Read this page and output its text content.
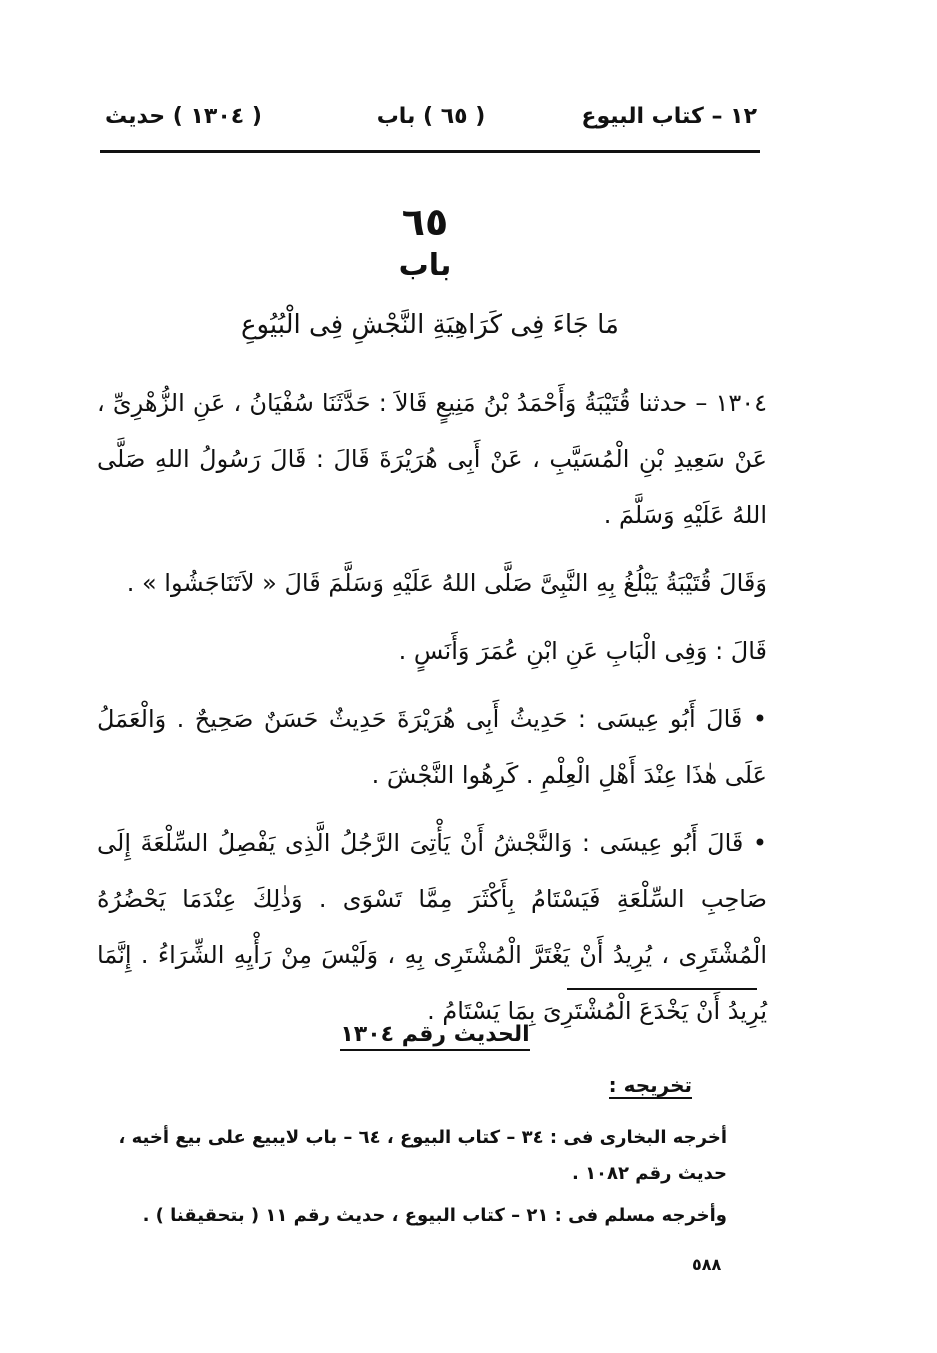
١٢ – كتاب البيوع
( ٦٥ ) باب
( ١٣٠٤ ) حديث
٦٥
باب
مَا جَاءَ فِى كَرَاهِيَةِ النَّجْشِ فِى الْبُيُوعِ

١٣٠٤ – حدثنا قُتَيْبَةُ وَأَحْمَدُ بْنُ مَنِيعٍ قَالاَ : حَدَّثَنَا سُفْيَانُ ، عَنِ الزُّهْرِىِّ ، عَنْ سَعِيدِ بْنِ الْمُسَيَّبِ ، عَنْ أَبِى هُرَيْرَةَ قَالَ : قَالَ رَسُولُ اللهِ صَلَّى اللهُ عَلَيْهِ وَسَلَّمَ .

وَقَالَ قُتَيْبَةُ يَبْلُغُ بِهِ النَّبِىَّ صَلَّى اللهُ عَلَيْهِ وَسَلَّمَ قَالَ « لاَتَنَاجَشُوا » .

قَالَ : وَفِى الْبَابِ عَنِ ابْنِ عُمَرَ وَأَنَسٍ .

• قَالَ أَبُو عِيسَى : حَدِيثُ أَبِى هُرَيْرَةَ حَدِيثٌ حَسَنٌ صَحِيحٌ . وَالْعَمَلُ عَلَى هٰذَا عِنْدَ أَهْلِ الْعِلْمِ . كَرِهُوا النَّجْشَ .

• قَالَ أَبُو عِيسَى : وَالنَّجْشُ أَنْ يَأْتِىَ الرَّجُلُ الَّذِى يَفْصِلُ السِّلْعَةَ إِلَى صَاحِبِ السِّلْعَةِ فَيَسْتَامُ بِأَكْثَرَ مِمَّا تَسْوَى . وَذٰلِكَ عِنْدَمَا يَحْضُرُهُ الْمُشْتَرِى ، يُرِيدُ أَنْ يَغْتَرَّ الْمُشْتَرِى بِهِ ، وَلَيْسَ مِنْ رَأْيِهِ الشِّرَاءُ . إِنَّمَا يُرِيدُ أَنْ يَخْدَعَ الْمُشْتَرِىَ بِمَا يَسْتَامُ .

الحديث رقم ١٣٠٤
تخريجه :

أخرجه البخارى فى : ٣٤ – كتاب البيوع ، ٦٤ – باب لايبيع على بيع أخيه ، حديث رقم ١٠٨٢ .

وأخرجه مسلم فى : ٢١ – كتاب البيوع ، حديث رقم ١١ ( بتحقيقنا ) .

٥٨٨
